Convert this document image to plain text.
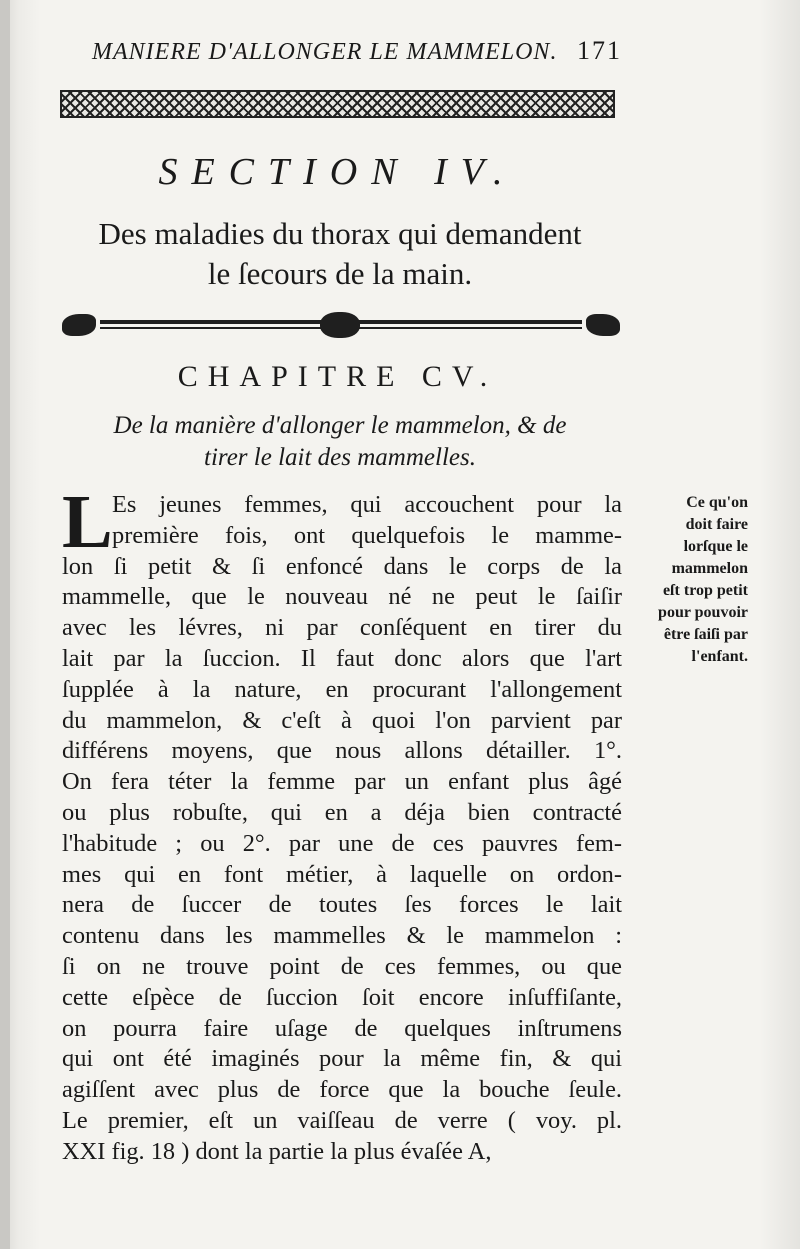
MANIERE D'ALLONGER LE MAMMELON. 171
SECTION IV.
Des maladies du thorax qui demandent
le ſecours de la main.
CHAPITRE CV.
De la manière d'allonger le mammelon, & de
tirer le lait des mammelles.
L Es jeunes femmes, qui accouchent pour la
première fois, ont quelquefois le mamme-
lon ſi petit & ſi enfoncé dans le corps de la
mammelle, que le nouveau né ne peut le ſaiſir
avec les lévres, ni par conſéquent en tirer du
lait par la ſuccion. Il faut donc alors que l'art
ſupplée à la nature, en procurant l'allongement
du mammelon, & c'eſt à quoi l'on parvient par
différens moyens, que nous allons détailler. 1°.
On fera téter la femme par un enfant plus âgé
ou plus robuſte, qui en a déja bien contracté
l'habitude ; ou 2°. par une de ces pauvres fem-
mes qui en font métier, à laquelle on ordon-
nera de ſuccer de toutes ſes forces le lait
contenu dans les mammelles & le mammelon :
ſi on ne trouve point de ces femmes, ou que
cette eſpèce de ſuccion ſoit encore inſuffiſante,
on pourra faire uſage de quelques inſtrumens
qui ont été imaginés pour la même fin, & qui
agiſſent avec plus de force que la bouche ſeule.
Le premier, eſt un vaiſſeau de verre ( voy. pl.
XXI fig. 18 ) dont la partie la plus évaſée A,
Ce qu'on
doit faire
lorſque le
mammelon
eſt trop petit
pour pouvoir
être ſaiſi par
l'enfant.
